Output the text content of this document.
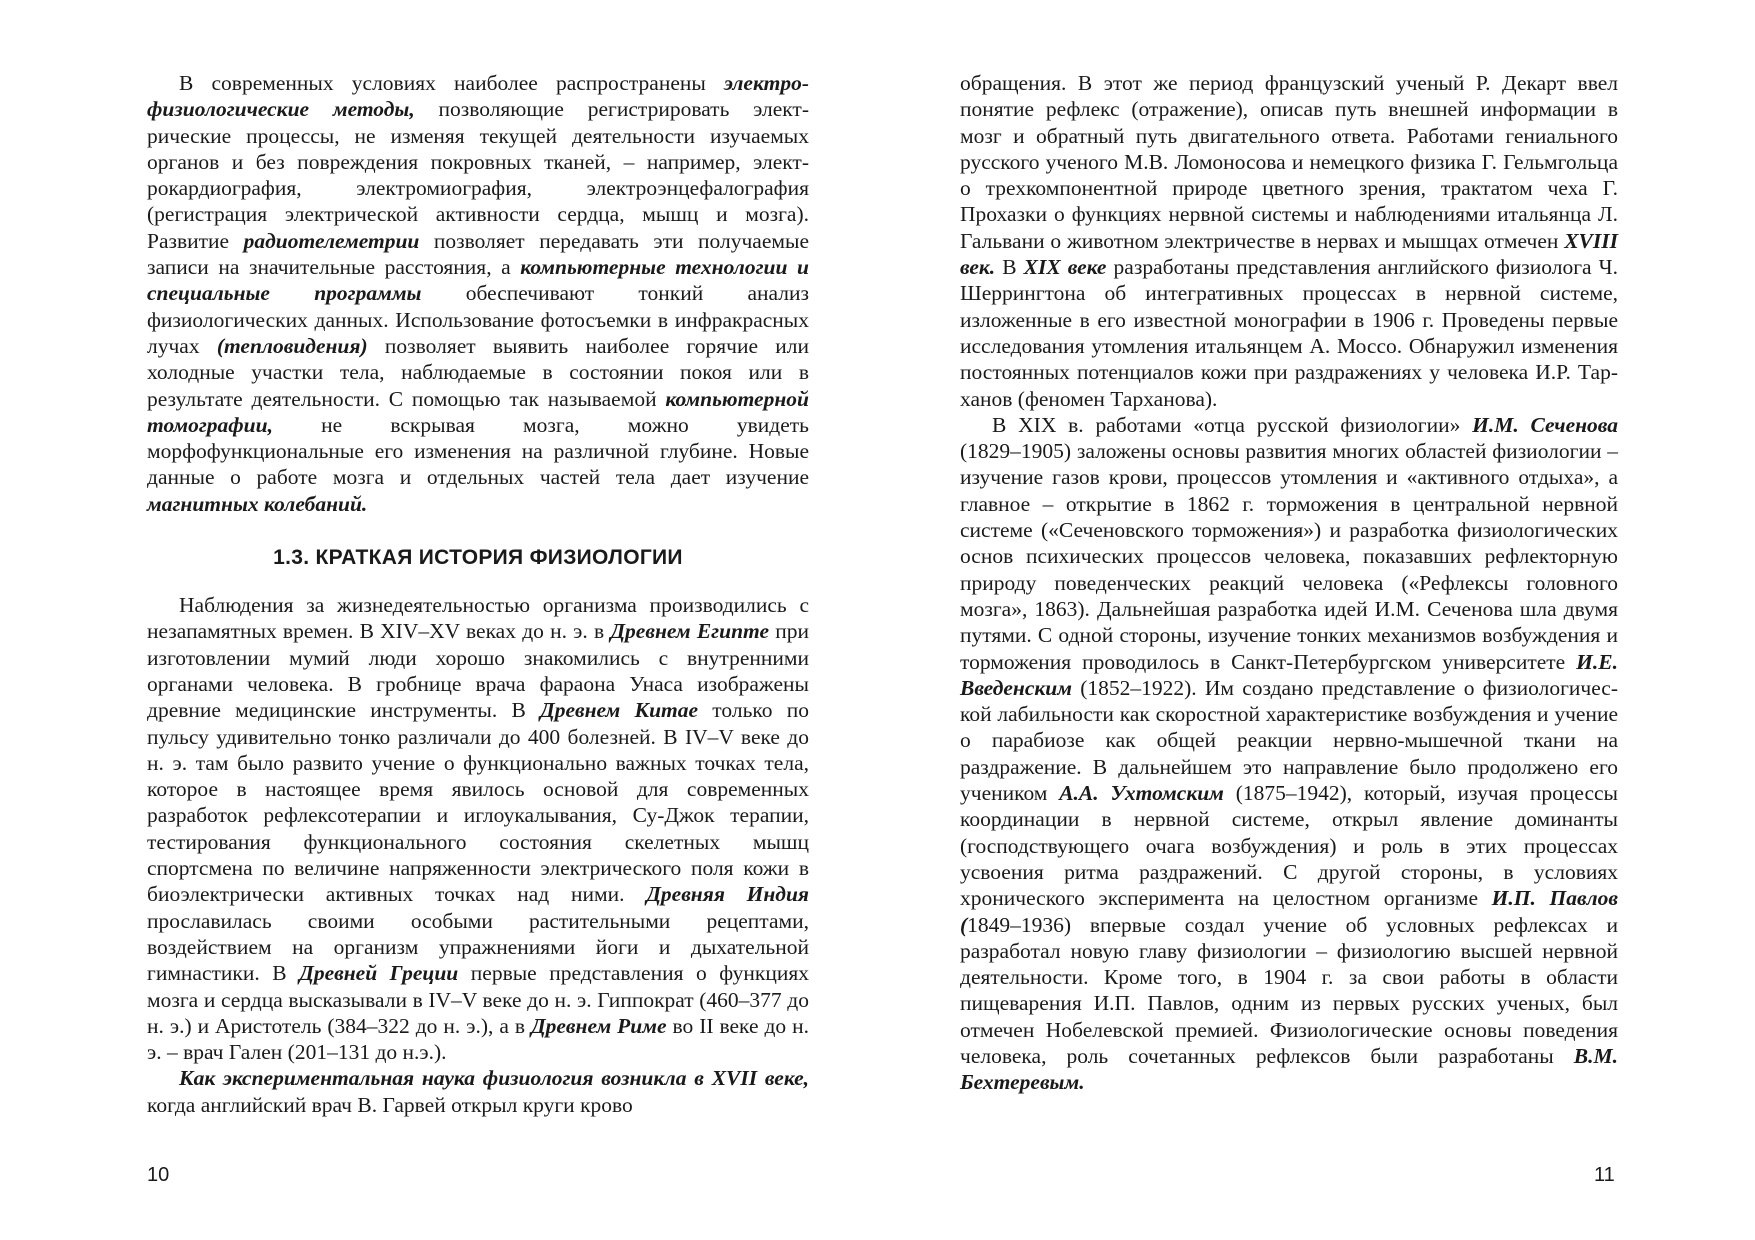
В современных условиях наиболее распространены электрофизиологические методы, позволяющие регистрировать электрические процессы, не изменяя текущей деятельности изучаемых органов и без повреждения покровных тканей, – например, электрокардиография, электромиография, электроэнцефалография (регистрация электрической активности сердца, мышц и мозга). Развитие радиотелеметрии позволяет передавать эти получаемые записи на значительные расстояния, а компьютерные технологии и специальные программы обеспечивают тонкий анализ физиологических данных. Использование фотосъемки в инфракрасных лучах (тепловидения) позволяет выявить наиболее горячие или холодные участки тела, наблюдаемые в состоянии покоя или в результате деятельности. С помощью так называемой компьютерной томографии, не вскрывая мозга, можно увидеть морфофункциональные его изменения на различной глубине. Новые данные о работе мозга и отдельных частей тела дает изучение магнитных колебаний.

1.3. КРАТКАЯ ИСТОРИЯ ФИЗИОЛОГИИ

Наблюдения за жизнедеятельностью организма производились с незапамятных времен. В XIV–XV веках до н. э. в Древнем Египте при изготовлении мумий люди хорошо знакомились с внутренними органами человека. В гробнице врача фараона Унаса изображены древние медицинские инструменты. В Древнем Китае только по пульсу удивительно тонко различали до 400 болезней. В IV–V веке до н. э. там было развито учение о функционально важных точках тела, которое в настоящее время явилось основой для современных разработок рефлексотерапии и иглоукалывания, Су-Джок терапии, тестирования функционального состояния скелетных мышц спортсмена по величине напряженности электрического поля кожи в биоэлектрически активных точках над ними. Древняя Индия прославилась своими особыми растительными рецептами, воздействием на организм упражнениями йоги и дыхательной гимнастики. В Древней Греции первые представления о функциях мозга и сердца высказывали в IV–V веке до н. э. Гиппократ (460–377 до н. э.) и Аристотель (384–322 до н. э.), а в Древнем Риме во II веке до н. э. – врач Гален (201–131 до н.э.).

Как экспериментальная наука физиология возникла в XVII веке, когда английский врач В. Гарвей открыл круги крово

10

обращения. В этот же период французский ученый Р. Декарт ввел понятие рефлекс (отражение), описав путь внешней информации в мозг и обратный путь двигательного ответа. Работами гениального русского ученого М.В. Ломоносова и немецкого физика Г. Гельмгольца о трехкомпонентной природе цветного зрения, трактатом чеха Г. Прохазки о функциях нервной системы и наблюдениями итальянца Л. Гальвани о животном электричестве в нервах и мышцах отмечен XVIII век. В XIX веке разработаны представления английского физиолога Ч. Шеррингтона об интегративных процессах в нервной системе, изложенные в его известной монографии в 1906 г. Проведены первые исследования утомления итальянцем А. Моссо. Обнаружил изменения постоянных потенциалов кожи при раздражениях у человека И.Р. Тарханов (феномен Тарханова).

В XIX в. работами «отца русской физиологии» И.М. Сеченова (1829–1905) заложены основы развития многих областей физиологии – изучение газов крови, процессов утомления и «активного отдыха», а главное – открытие в 1862 г. торможения в центральной нервной системе («Сеченовского торможения») и разработка физиологических основ психических процессов человека, показавших рефлекторную природу поведенческих реакций человека («Рефлексы головного мозга», 1863). Дальнейшая разработка идей И.М. Сеченова шла двумя путями. С одной стороны, изучение тонких механизмов возбуждения и торможения проводилось в Санкт-Петербургском университете И.Е. Введенским (1852–1922). Им создано представление о физиологической лабильности как скоростной характеристике возбуждения и учение о парабиозе как общей реакции нервно-мышечной ткани на раздражение. В дальнейшем это направление было продолжено его учеником А.А. Ухтомским (1875–1942), который, изучая процессы координации в нервной системе, открыл явление доминанты (господствующего очага возбуждения) и роль в этих процессах усвоения ритма раздражений. С другой стороны, в условиях хронического эксперимента на целостном организме И.П. Павлов (1849–1936) впервые создал учение об условных рефлексах и разработал новую главу физиологии – физиологию высшей нервной деятельности. Кроме того, в 1904 г. за свои работы в области пищеварения И.П. Павлов, одним из первых русских ученых, был отмечен Нобелевской премией. Физиологические основы поведения человека, роль сочетанных рефлексов были разработаны В.М. Бехтеревым.

11
